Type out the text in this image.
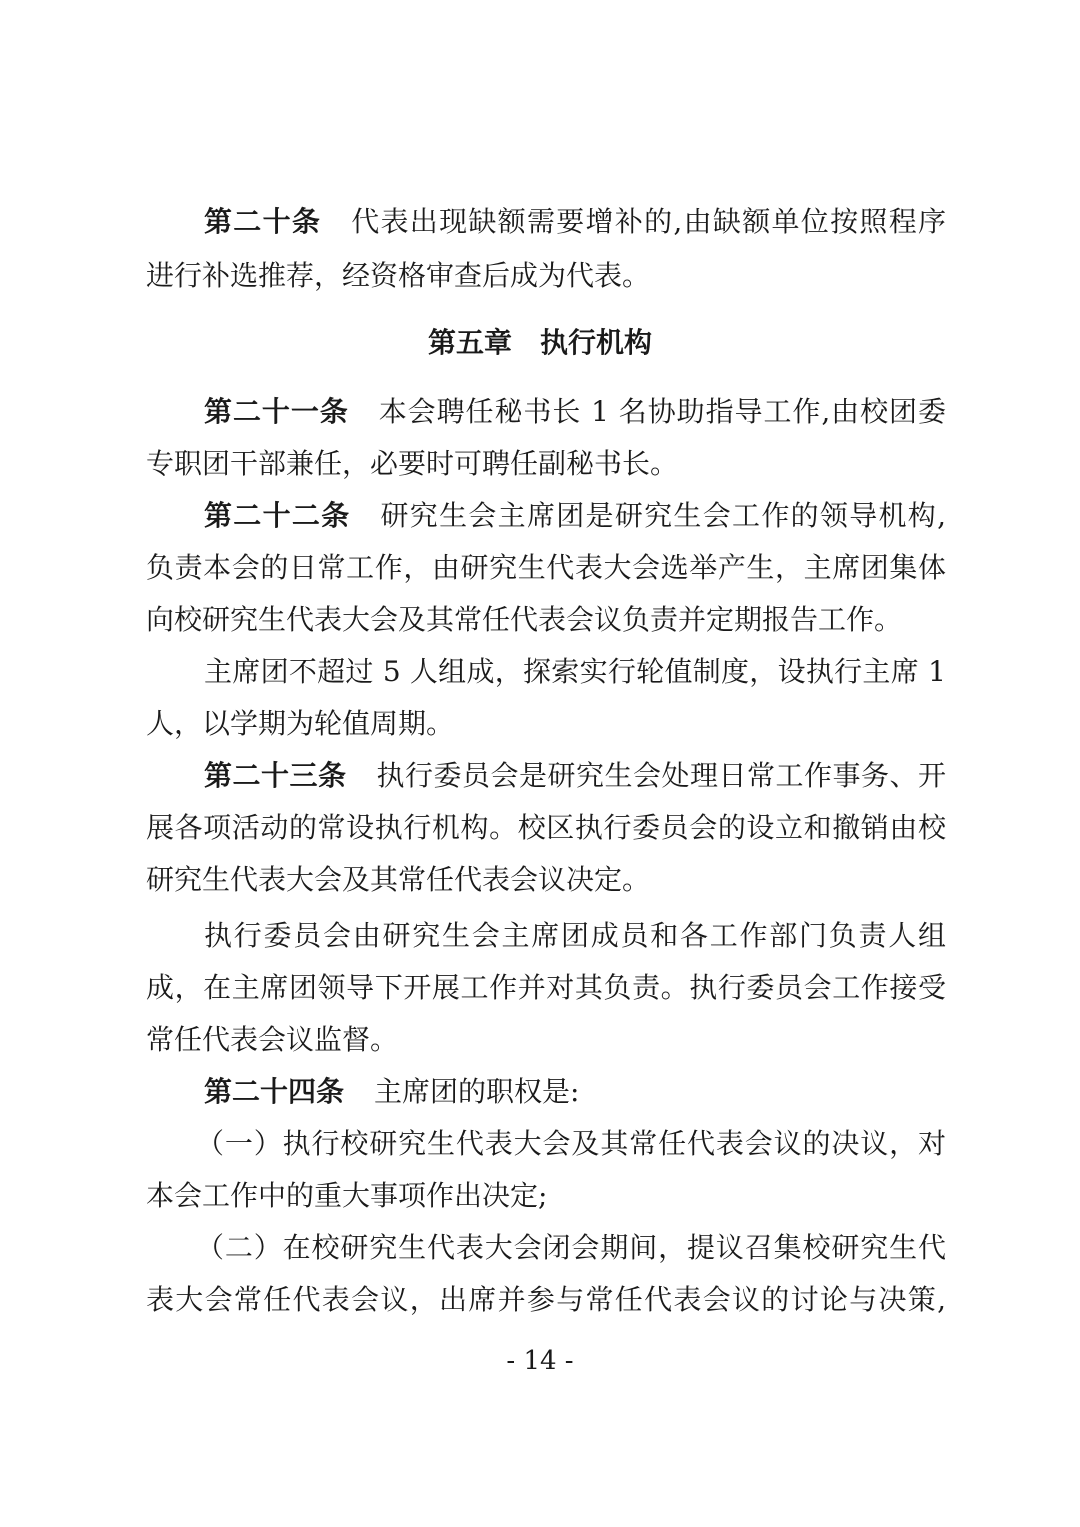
第二十条 代表出现缺额需要增补的,由缺额单位按照程序
进行补选推荐，经资格审查后成为代表。
第五章 执行机构
第二十一条 本会聘任秘书长 1 名协助指导工作,由校团委
专职团干部兼任，必要时可聘任副秘书长。
第二十二条 研究生会主席团是研究生会工作的领导机构,
负责本会的日常工作，由研究生代表大会选举产生，主席团集体
向校研究生代表大会及其常任代表会议负责并定期报告工作。
主席团不超过 5 人组成，探索实行轮值制度，设执行主席 1
人，以学期为轮值周期。
第二十三条 执行委员会是研究生会处理日常工作事务、开
展各项活动的常设执行机构。校区执行委员会的设立和撤销由校
研究生代表大会及其常任代表会议决定。
执行委员会由研究生会主席团成员和各工作部门负责人组
成，在主席团领导下开展工作并对其负责。执行委员会工作接受
常任代表会议监督。
第二十四条 主席团的职权是:
（一）执行校研究生代表大会及其常任代表会议的决议，对
本会工作中的重大事项作出决定;
（二）在校研究生代表大会闭会期间，提议召集校研究生代
表大会常任代表会议，出席并参与常任代表会议的讨论与决策,
- 14 -
